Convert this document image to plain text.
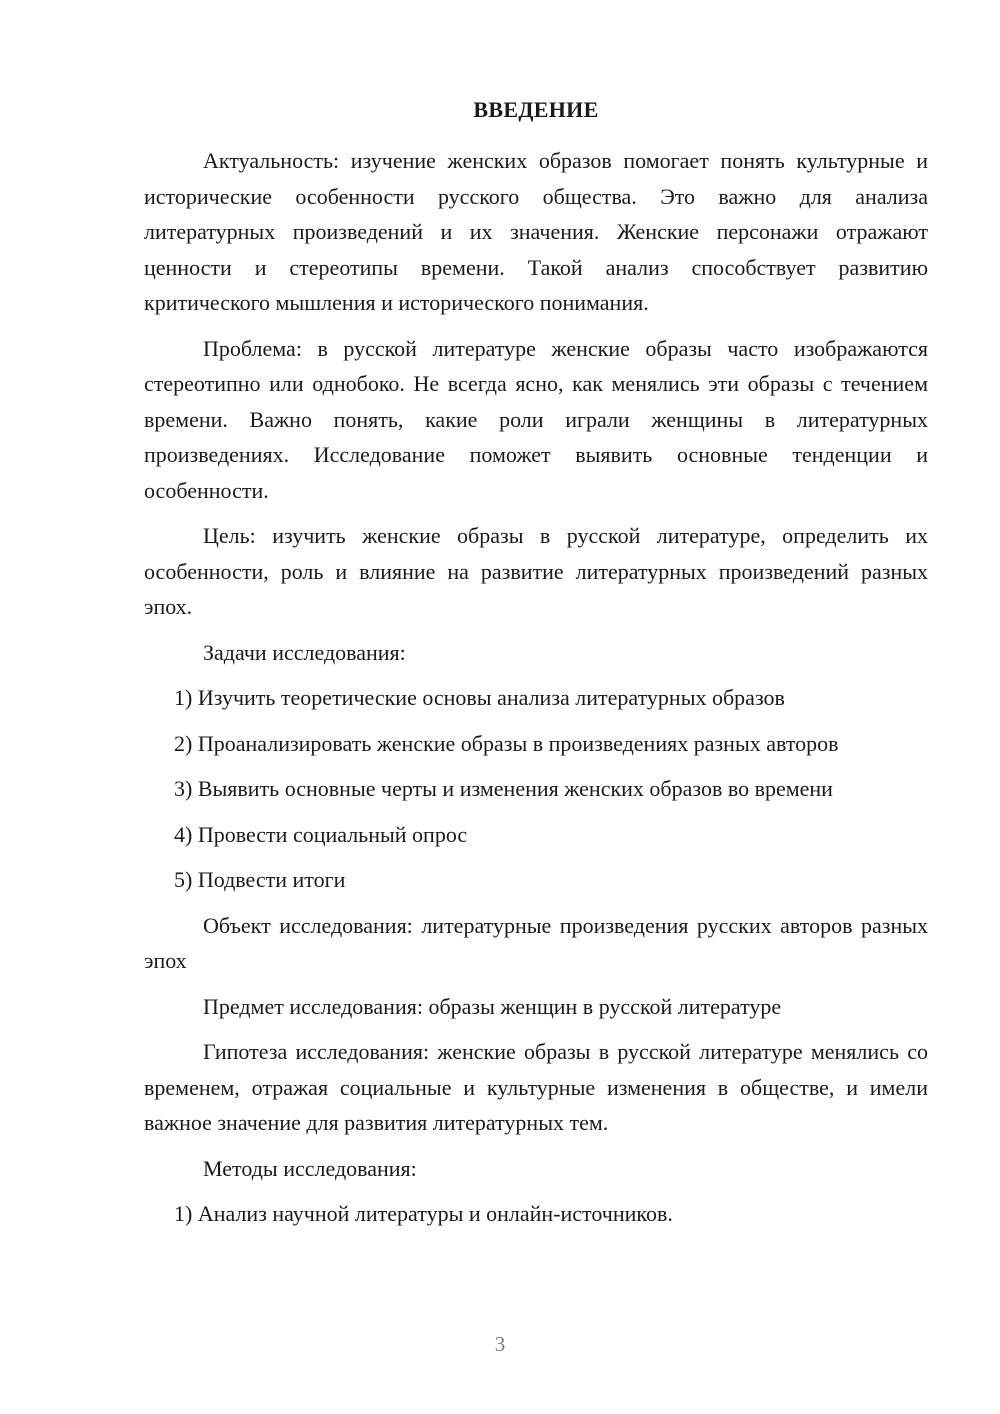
ВВЕДЕНИЕ

Актуальность: изучение женских образов помогает понять культурные и исторические особенности русского общества. Это важно для анализа литературных произведений и их значения. Женские персонажи отражают ценности и стереотипы времени. Такой анализ способствует развитию критического мышления и исторического понимания.

Проблема: в русской литературе женские образы часто изображаются стереотипно или однобоко. Не всегда ясно, как менялись эти образы с течением времени. Важно понять, какие роли играли женщины в литературных произведениях. Исследование поможет выявить основные тенденции и особенности.

Цель: изучить женские образы в русской литературе, определить их особенности, роль и влияние на развитие литературных произведений разных эпох.

Задачи исследования:

1) Изучить теоретические основы анализа литературных образов

2) Проанализировать женские образы в произведениях разных авторов

3) Выявить основные черты и изменения женских образов во времени

4) Провести социальный опрос

5) Подвести итоги

Объект исследования: литературные произведения русских авторов разных эпох

Предмет исследования: образы женщин в русской литературе

Гипотеза исследования: женские образы в русской литературе менялись со временем, отражая социальные и культурные изменения в обществе, и имели важное значение для развития литературных тем.

Методы исследования:

1) Анализ научной литературы и онлайн-источников.

3
